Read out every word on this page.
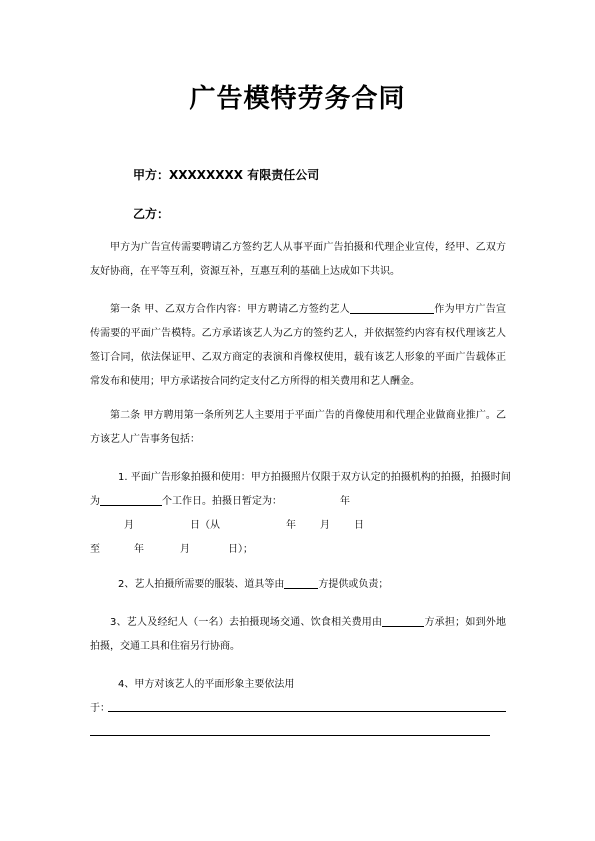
广告模特劳务合同
甲方：XXXXXXXX 有限责任公司
乙方：
甲方为广告宣传需要聘请乙方签约艺人从事平面广告拍摄和代理企业宣传，经甲、乙双方友好协商，在平等互利，资源互补，互惠互利的基础上达成如下共识。
第一条 甲、乙双方合作内容：甲方聘请乙方签约艺人	作为甲方广告宣传需要的平面广告模特。乙方承诺该艺人为乙方的签约艺人，并依据签约内容有权代理该艺人签订合同，依法保证甲、乙双方商定的表演和肖像权使用，载有该艺人形象的平面广告载体正常发布和使用；甲方承诺按合同约定支付乙方所得的相关费用和艺人酬金。
第二条 甲方聘用第一条所列艺人主要用于平面广告的肖像使用和代理企业做商业推广。乙方该艺人广告事务包括：
1. 平面广告形象拍摄和使用：甲方拍摄照片仅限于双方认定的拍摄机构的拍摄，拍摄时间
为	个工作日。拍摄日暂定为：	年
月	日（从	年 月 日
至	年	月	日）；
2、艺人拍摄所需要的服装、道具等由	方提供或负责；
3、艺人及经纪人（一名）去拍摄现场交通、饮食相关费用由	方承担；如到外地拍摄，交通工具和住宿另行协商。
4、甲方对该艺人的平面形象主要依法用
于：
